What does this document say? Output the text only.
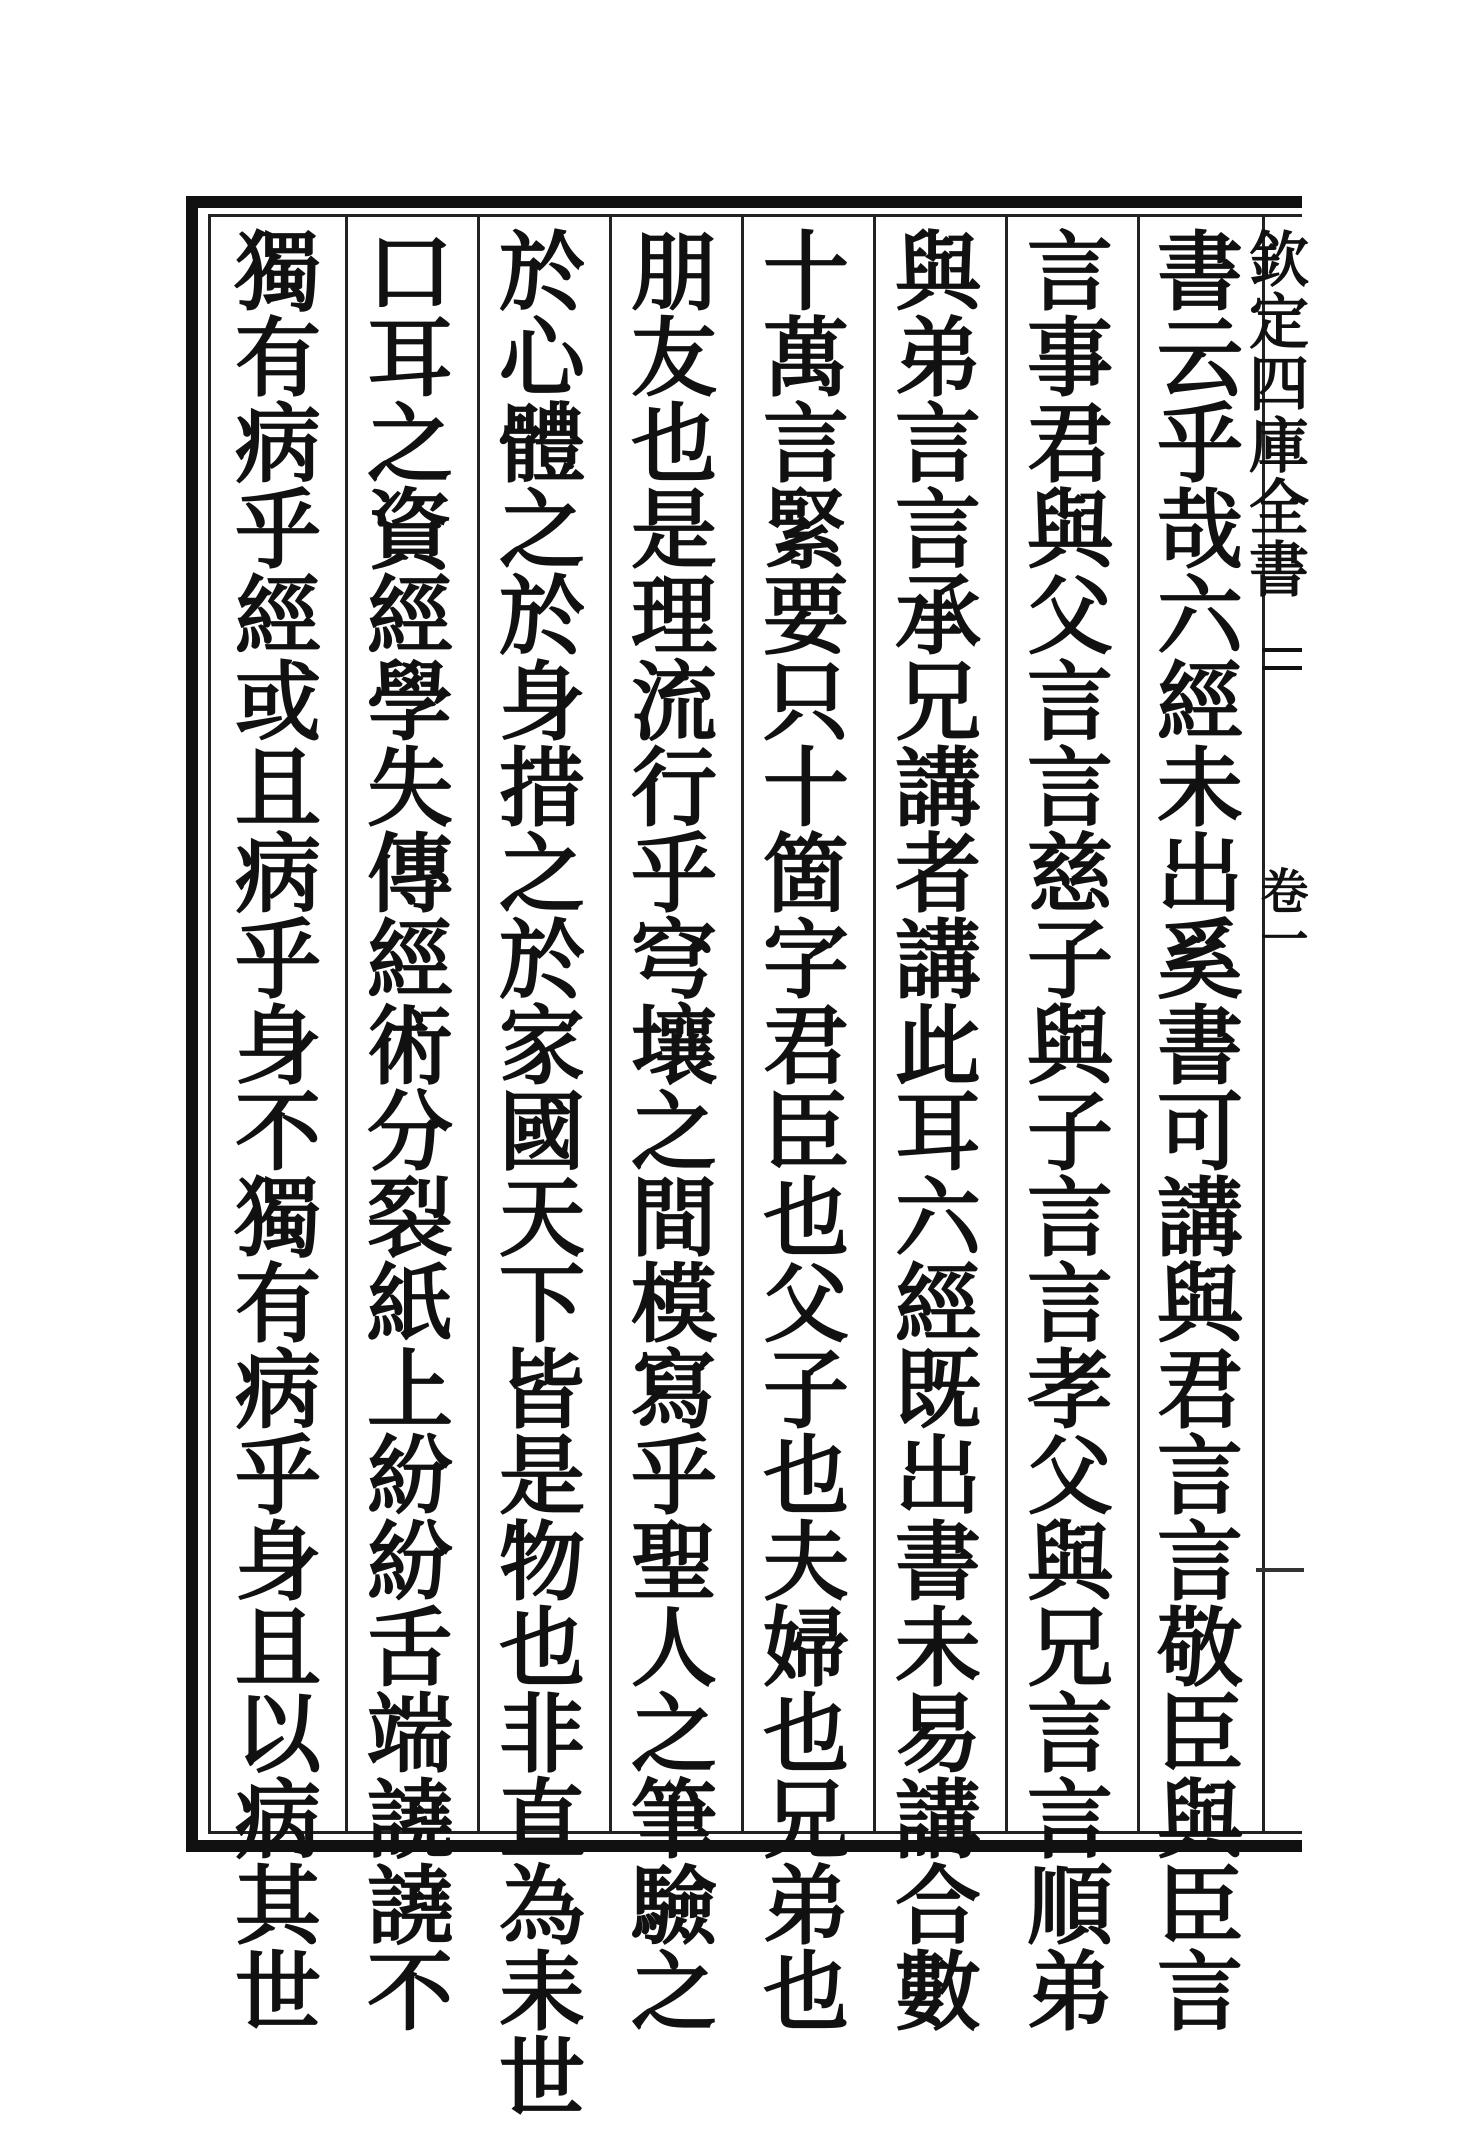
書
云
乎
哉
六
經
未
出
奚
書
可
講
與
君
言
言
敬
臣
與
臣
言
言
事
君
與
父
言
言
慈
子
與
子
言
言
孝
父
與
兄
言
言
順
弟
與
弟
言
言
承
兄
講
者
講
此
耳
六
經
既
出
書
未
易
講
合
數
十
萬
言
緊
要
只
十
箇
字
君
臣
也
父
子
也
夫
婦
也
兄
弟
也
朋
友
也
是
理
流
行
乎
穹
壤
之
間
模
寫
乎
聖
人
之
筆
驗
之
於
心
體
之
於
身
措
之
於
家
國
天
下
皆
是
物
也
非
直
為
耒
世
口
耳
之
資
經
學
失
傳
經
術
分
裂
紙
上
紛
紛
舌
端
譊
譊
不
獨
有
病
乎
經
或
且
病
乎
身
不
獨
有
病
乎
身
且
以
病
其
世
欽定四庫全書
卷一
